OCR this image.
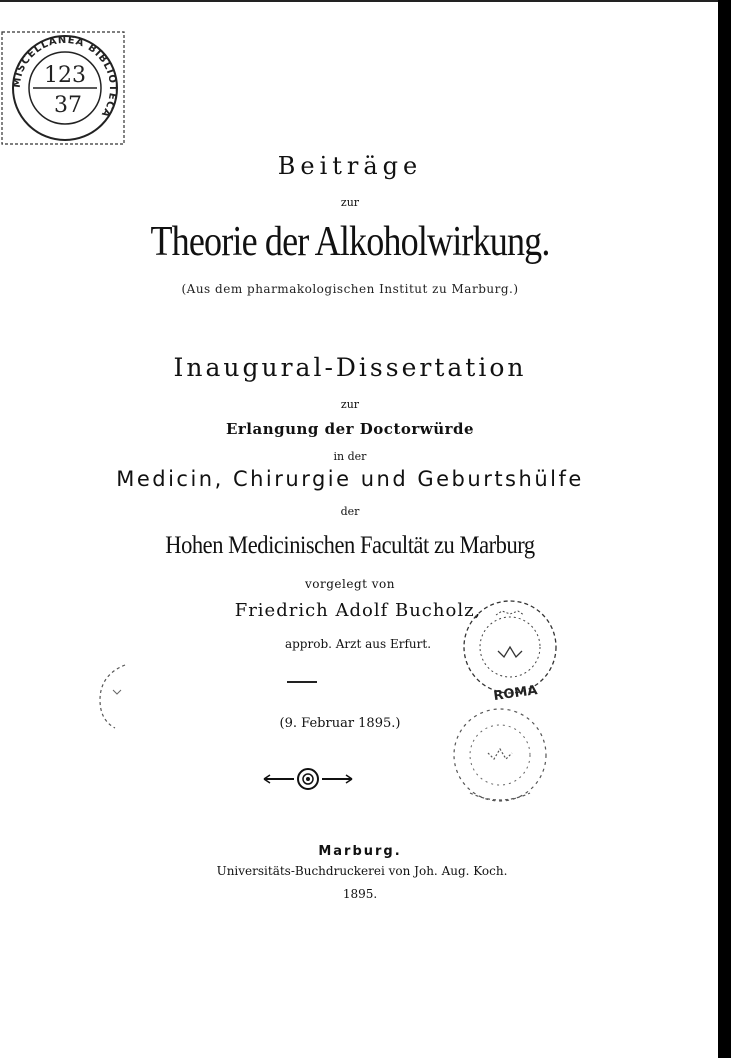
MISCELLANEA BIBLIOTECA
123
37
Beiträge
zur
Theorie der Alkoholwirkung.
(Aus dem pharmakologischen Institut zu Marburg.)
Inaugural-Dissertation
zur
Erlangung der Doctorwürde
in der
Medicin, Chirurgie und Geburtshülfe
der
Hohen Medicinischen Facultät zu Marburg
vorgelegt von
Friedrich Adolf Bucholz,
approb. Arzt aus Erfurt.
(9. Februar 1895.)
Marburg.
Universitäts-Buchdruckerei von Joh. Aug. Koch.
1895.
ROMA
